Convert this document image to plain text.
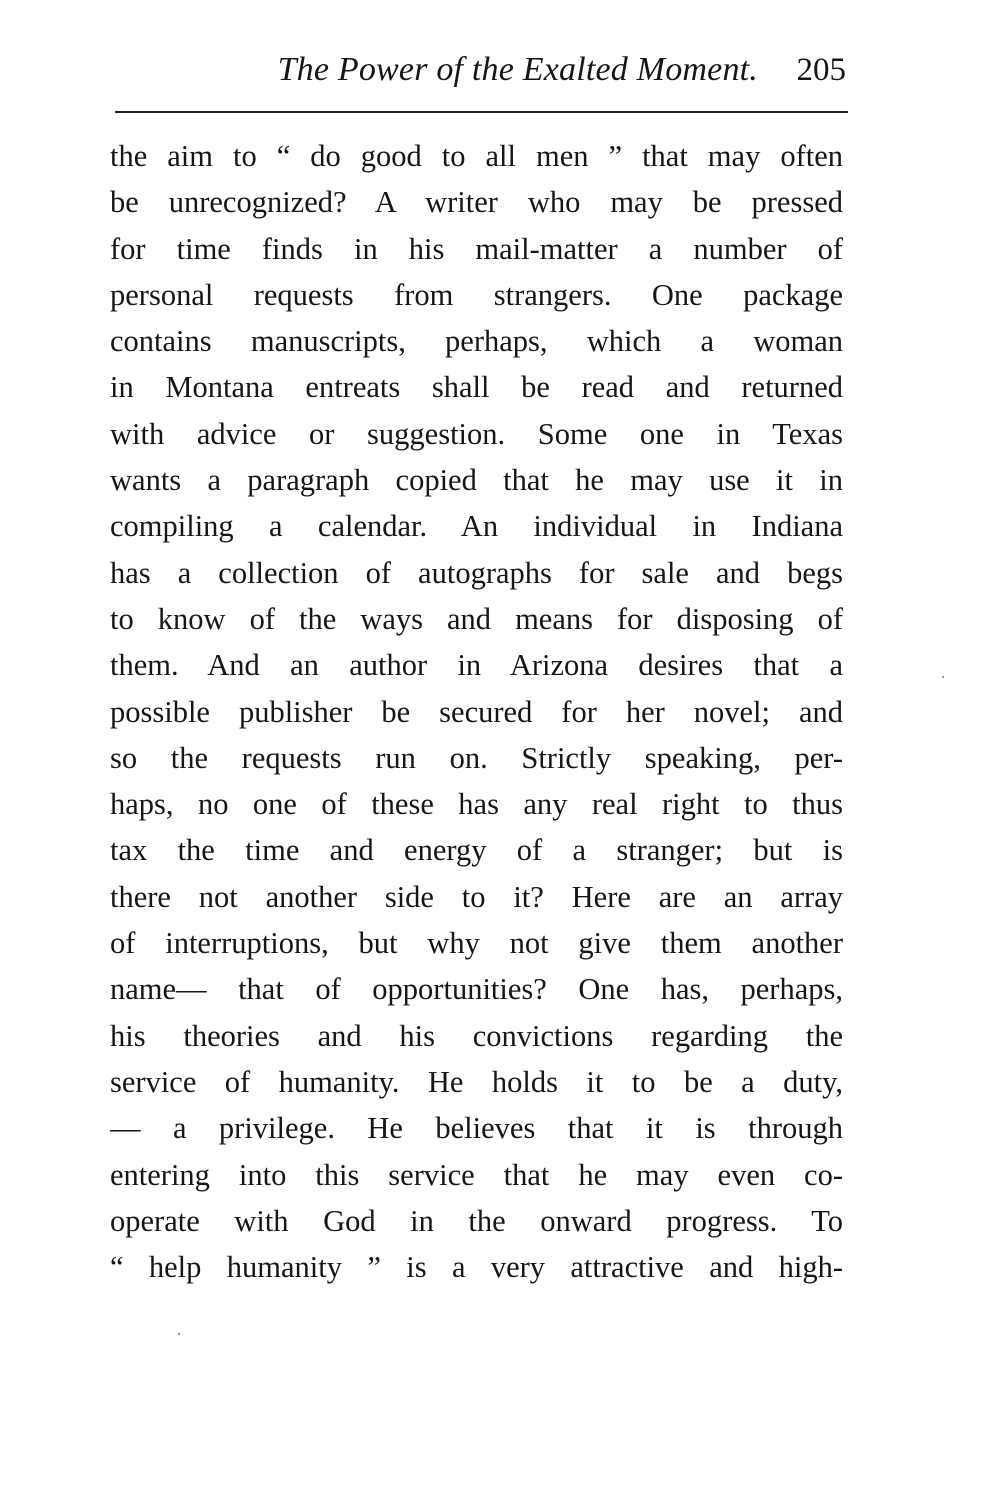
The Power of the Exalted Moment. 205
the aim to “ do good to all men ” that may often
be unrecognized? A writer who may be pressed
for time finds in his mail-matter a number of
personal requests from strangers. One package
contains manuscripts, perhaps, which a woman
in Montana entreats shall be read and returned
with advice or suggestion. Some one in Texas
wants a paragraph copied that he may use it in
compiling a calendar. An individual in Indiana
has a collection of autographs for sale and begs
to know of the ways and means for disposing of
them. And an author in Arizona desires that a
possible publisher be secured for her novel; and
so the requests run on. Strictly speaking, per-
haps, no one of these has any real right to thus
tax the time and energy of a stranger; but is
there not another side to it? Here are an array
of interruptions, but why not give them another
name— that of opportunities? One has, perhaps,
his theories and his convictions regarding the
service of humanity. He holds it to be a duty,
— a privilege. He believes that it is through
entering into this service that he may even co-
operate with God in the onward progress. To
“ help humanity ” is a very attractive and high-
